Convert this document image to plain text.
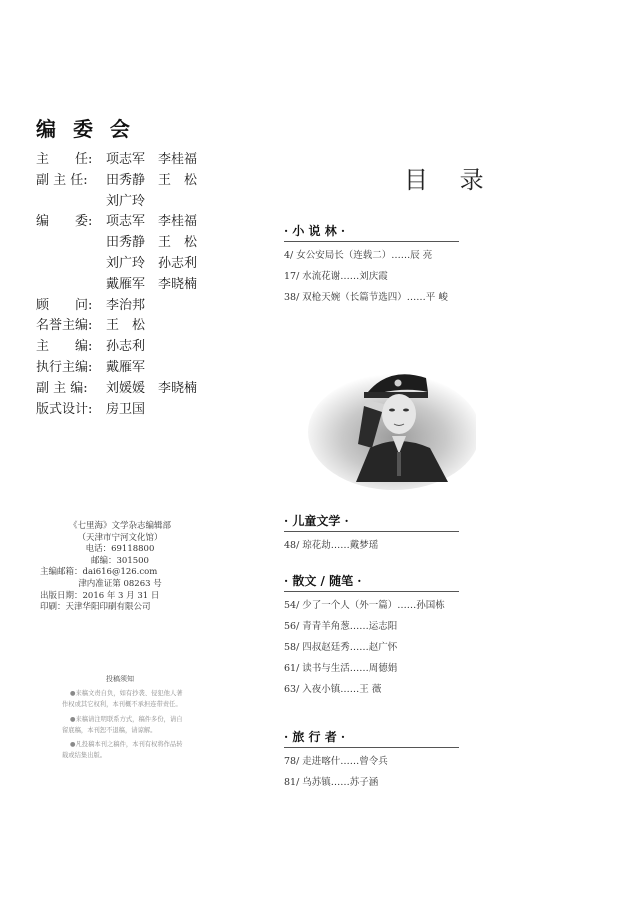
编 委 会
主　　任:	项志军　李桂福
副 主 任:	田秀静　王　松
刘广玲
编　　委:	项志军　李桂福
田秀静　王　松
刘广玲　孙志利
戴雁军　李晓楠
顾　　问:	李治邦
名誉主编:	王　松
主　　编:	孙志利
执行主编:	戴雁军
副 主 编:	刘媛媛　李晓楠
版式设计:	房卫国
《七里海》文学杂志编辑部
（天津市宁河文化馆）
电话：69118800
邮编：301500
主编邮箱：dai616@126.com
津内准证第 08263 号
出版日期：2016 年 3 月 31 日
印刷：天津华阳印刷有限公司
投稿须知
●来稿文责自负，如有抄袭、侵犯他人著作权或其它权利，本刊概不承担连带责任。
●来稿请注明联系方式，稿件多份，请自留底稿，本刊恕不退稿，请谅解。
●凡投稿本刊之稿件，本刊有权将作品转载或结集出版。
目 录
· 小 说 林 ·
4/ 女公安局长（连载二）……辰 亮
17/ 水流花谢……刘庆霞
38/ 双枪天婉（长篇节选四）……平 峻
· 儿童文学 ·
48/ 琼花劫……戴梦瑶
· 散文 / 随笔 ·
54/ 少了一个人（外一篇）……孙国栋
56/ 青青羊角葱……运志阳
58/ 四叔赵廷秀……赵广怀
61/ 读书与生活……周德娟
63/ 入夜小镇……王 薇
· 旅 行 者 ·
78/ 走进喀什……曾令兵
81/ 乌苏镇……苏子涵
